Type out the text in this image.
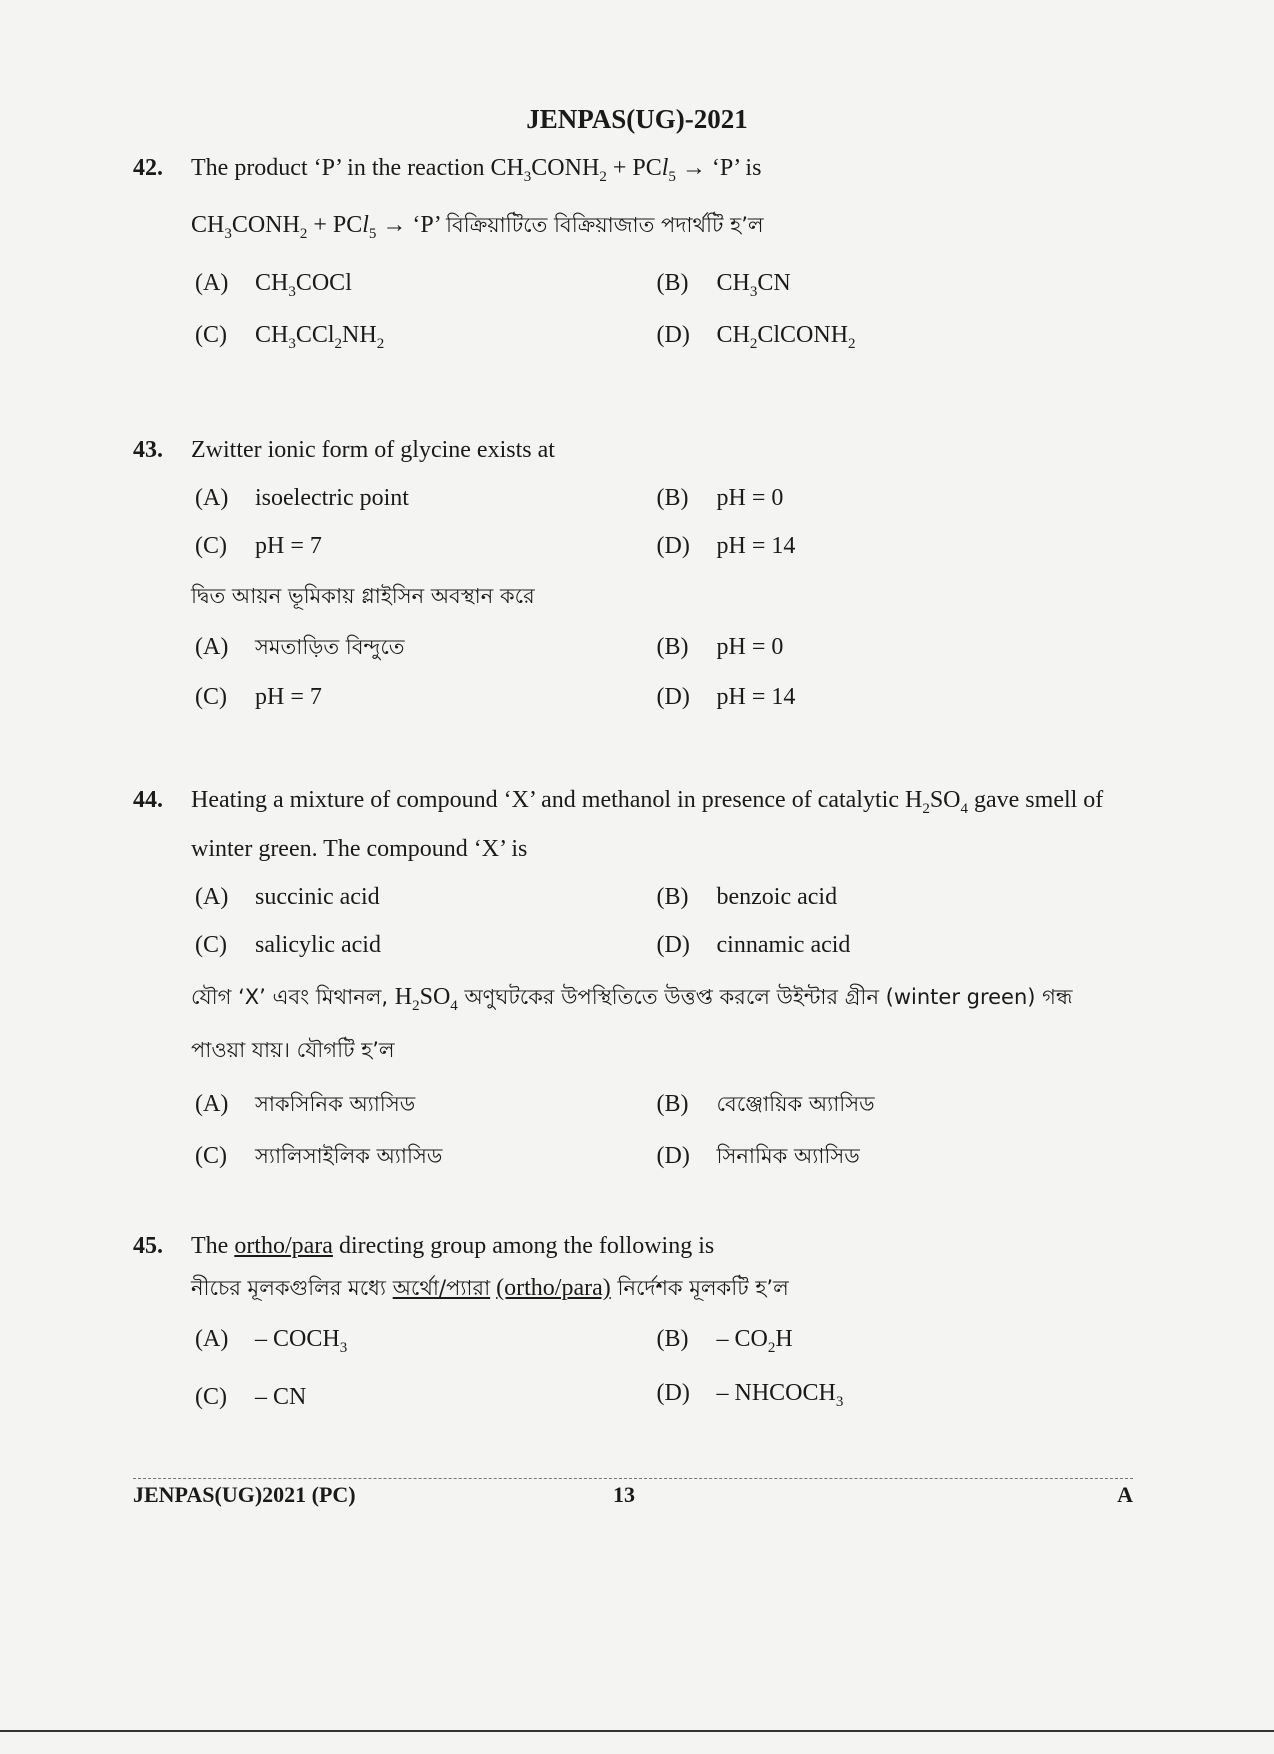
JENPAS(UG)-2021
42. The product ‘P’ in the reaction $CH_3CONH_2 + PCl_5$ → ‘P’ is
$CH_3CONH_2 + PCl_5$ → ‘P’ বিক্রিয়াটিতে বিক্রিয়াজাত পদার্থটি হ’ল
(A)	$CH_3COCl$	(B)	$CH_3CN$
(C)	$CH_3CCl_2NH_2$	(D)	$CH_2ClCONH_2$
43. Zwitter ionic form of glycine exists at
(A)	isoelectric point	(B)	pH = 0
(C)	pH = 7	(D)	pH = 14
দ্বিত আয়ন ভূমিকায় গ্লাইসিন অবস্থান করে
(A)	সমতাড়িত বিন্দুতে	(B)	pH = 0
(C)	pH = 7	(D)	pH = 14
44. Heating a mixture of compound ‘X’ and methanol in presence of catalytic $H_2SO_4$ gave smell of winter green. The compound ‘X’ is
(A)	succinic acid	(B)	benzoic acid
(C)	salicylic acid	(D)	cinnamic acid
যৌগ ‘X’ এবং মিথানল, $H_2SO_4$ অণুঘটকের উপস্থিতিতে উত্তপ্ত করলে উইন্টার গ্রীন (winter green) গন্ধ পাওয়া যায়। যৌগটি হ’ল
(A)	সাকসিনিক অ্যাসিড	(B)	বেঞ্জোয়িক অ্যাসিড
(C)	স্যালিসাইলিক অ্যাসিড	(D)	সিনামিক অ্যাসিড
45. The ortho/para directing group among the following is
নীচের মূলকগুলির মধ্যে অর্থো/প্যারা (ortho/para) নির্দেশক মূলকটি হ’ল
(A)	– $COCH_3$	(B)	– $CO_2H$
(C)	– CN	(D)	– $NHCOCH_3$
JENPAS(UG)2021 (PC)	13	A
